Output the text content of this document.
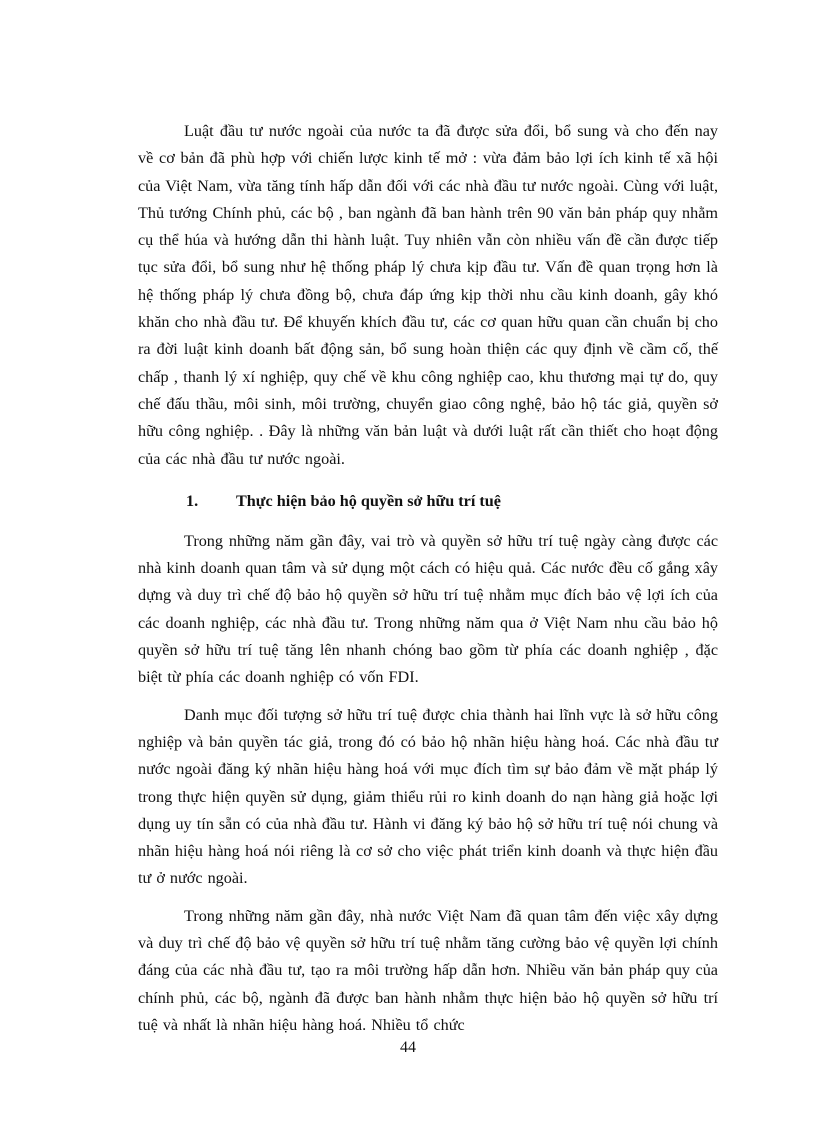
Luật đầu tư nước ngoài của nước ta đã được sửa đổi, bổ sung và cho đến nay về cơ bản đã phù hợp với chiến lược kinh tế mở : vừa đảm bảo lợi ích kinh tế xã hội của Việt Nam, vừa tăng tính hấp dẫn đối với các nhà đầu tư nước ngoài. Cùng với luật, Thủ tướng Chính phủ, các bộ , ban ngành đã ban hành trên 90 văn bản pháp quy nhằm cụ thể húa và hướng dẫn thi hành luật. Tuy nhiên vẫn còn nhiều vấn đề cần được tiếp tục sửa đổi, bổ sung như hệ thống pháp lý chưa kịp đầu tư. Vấn đề quan trọng hơn là hệ thống pháp lý chưa đồng bộ, chưa đáp ứng kịp thời nhu cầu kinh doanh, gây khó khăn cho nhà đầu tư. Để khuyến khích đầu tư, các cơ quan hữu quan cần chuẩn bị cho ra đời luật kinh doanh bất động sản, bổ sung hoàn thiện các quy định về cầm cố, thế chấp , thanh lý xí nghiệp, quy chế về khu công nghiệp cao, khu thương mại tự do, quy chế đấu thầu, môi sinh, môi trường, chuyển giao công nghệ, bảo hộ tác giả, quyền sở hữu công nghiệp. . Đây là những văn bản luật và dưới luật rất cần thiết cho hoạt động của các nhà đầu tư nước ngoài.

1. Thực hiện bảo hộ quyền sở hữu trí tuệ

Trong những năm gần đây, vai trò và quyền sở hữu trí tuệ ngày càng được các nhà kinh doanh quan tâm và sử dụng một cách có hiệu quả. Các nước đều cố gắng xây dựng và duy trì chế độ bảo hộ quyền sở hữu trí tuệ nhằm mục đích bảo vệ lợi ích của các doanh nghiệp, các nhà đầu tư. Trong những năm qua ở Việt Nam nhu cầu bảo hộ quyền sở hữu trí tuệ tăng lên nhanh chóng bao gồm từ phía các doanh nghiệp , đặc biệt từ phía các doanh nghiệp có vốn FDI.

Danh mục đối tượng sở hữu trí tuệ được chia thành hai lĩnh vực là sở hữu công nghiệp và bản quyền tác giả, trong đó có bảo hộ nhãn hiệu hàng hoá. Các nhà đầu tư nước ngoài đăng ký nhãn hiệu hàng hoá với mục đích tìm sự bảo đảm về mặt pháp lý trong thực hiện quyền sử dụng, giảm thiểu rủi ro kinh doanh do nạn hàng giả hoặc lợi dụng uy tín sẵn có của nhà đầu tư. Hành vi đăng ký bảo hộ sở hữu trí tuệ nói chung và nhãn hiệu hàng hoá nói riêng là cơ sở cho việc phát triển kinh doanh và thực hiện đầu tư ở nước ngoài.

Trong những năm gần đây, nhà nước Việt Nam đã quan tâm đến việc xây dựng và duy trì chế độ bảo vệ quyền sở hữu trí tuệ nhằm tăng cường bảo vệ quyền lợi chính đáng của các nhà đầu tư, tạo ra môi trường hấp dẫn hơn. Nhiều văn bản pháp quy của chính phủ, các bộ, ngành đã được ban hành nhằm thực hiện bảo hộ quyền sở hữu trí tuệ và nhất là nhãn hiệu hàng hoá. Nhiều tổ chức

44
